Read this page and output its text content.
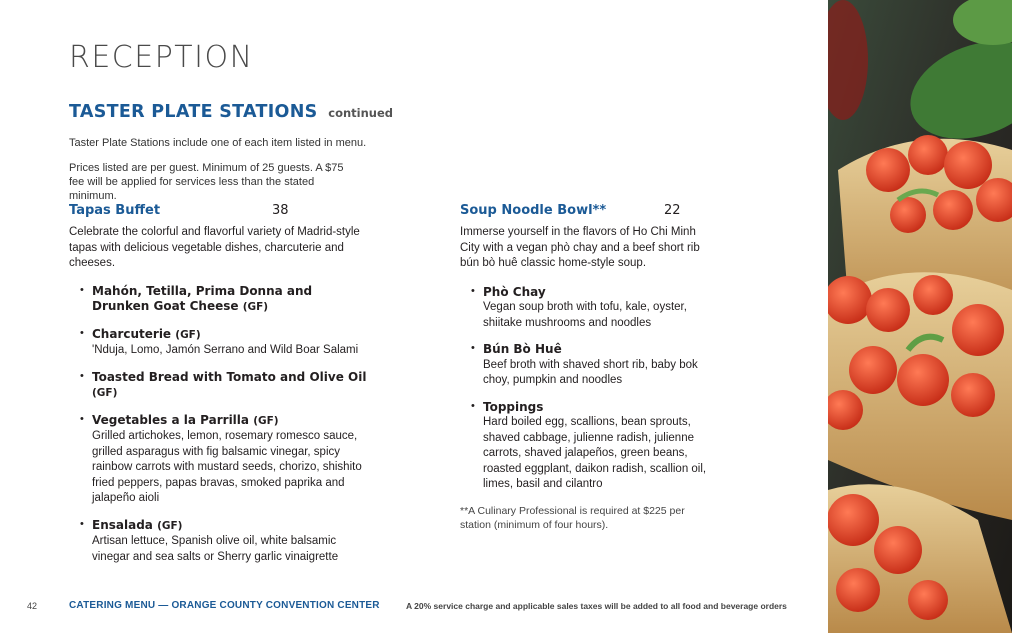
RECEPTION
TASTER PLATE STATIONS continued

Taster Plate Stations include one of each item listed in menu.

Prices listed are per guest. Minimum of 25 guests. A $75 fee will be applied for services less than the stated minimum.

Tapas Buffet	38

Celebrate the colorful and flavorful variety of Madrid-style tapas with delicious vegetable dishes, charcuterie and cheeses.

• Mahón, Tetilla, Prima Donna and
Drunken Goat Cheese (GF)
• Charcuterie (GF)
'Nduja, Lomo, Jamón Serrano and Wild Boar Salami
• Toasted Bread with Tomato and Olive Oil (GF)
• Vegetables a la Parrilla (GF)
Grilled artichokes, lemon, rosemary romesco sauce, grilled asparagus with fig balsamic vinegar, spicy rainbow carrots with mustard seeds, chorizo, shishito fried peppers, papas bravas, smoked paprika and jalapeño aioli
• Ensalada (GF)
Artisan lettuce, Spanish olive oil, white balsamic vinegar and sea salts or Sherry garlic vinaigrette
Soup Noodle Bowl**	22

Immerse yourself in the flavors of Ho Chi Minh City with a vegan phò chay and a beef short rib bún bò huê classic home-style soup.

• Phò Chay
Vegan soup broth with tofu, kale, oyster, shiitake mushrooms and noodles
• Bún Bò Huê
Beef broth with shaved short rib, baby bok choy, pumpkin and noodles
• Toppings
Hard boiled egg, scallions, bean sprouts, shaved cabbage, julienne radish, julienne carrots, shaved jalapeños, green beans, roasted eggplant, daikon radish, scallion oil, limes, basil and cilantro

**A Culinary Professional is required at $225 per station (minimum of four hours).

42	CATERING MENU — ORANGE COUNTY CONVENTION CENTER	A 20% service charge and applicable sales taxes will be added to all food and beverage orders
